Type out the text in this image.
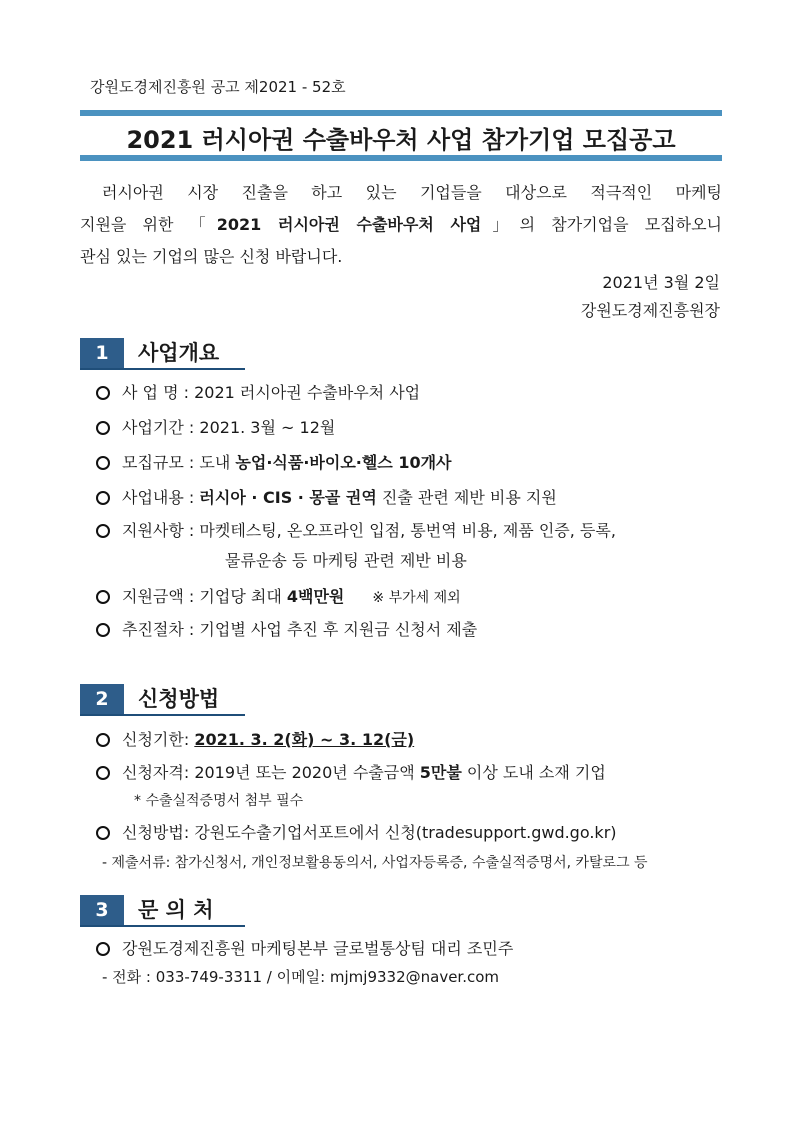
강원도경제진흥원 공고 제2021 - 52호
2021 러시아권 수출바우처 사업 참가기업 모집공고
러시아권 시장 진출을 하고 있는 기업들을 대상으로 적극적인 마케팅
지원을 위한 「2021 러시아권 수출바우처 사업」의 참가기업을 모집하오니
관심 있는 기업의 많은 신청 바랍니다.
2021년 3월 2일
강원도경제진흥원장
1	사업개요
사 업 명 : 2021 러시아권 수출바우처 사업
사업기간 : 2021. 3월 ~ 12월
모집규모 : 도내 농업·식품·바이오·헬스 10개사
사업내용 : 러시아 · CIS · 몽골 권역 진출 관련 제반 비용 지원
지원사항 : 마켓테스팅, 온오프라인 입점, 통번역 비용, 제품 인증, 등록,
물류운송 등 마케팅 관련 제반 비용
지원금액 : 기업당 최대 4백만원 ※ 부가세 제외
추진절차 : 기업별 사업 추진 후 지원금 신청서 제출
2	신청방법
신청기한: 2021. 3. 2(화) ~ 3. 12(금)
신청자격: 2019년 또는 2020년 수출금액 5만불 이상 도내 소재 기업
* 수출실적증명서 첨부 필수
신청방법: 강원도수출기업서포트에서 신청(tradesupport.gwd.go.kr)
- 제출서류: 참가신청서, 개인정보활용동의서, 사업자등록증, 수출실적증명서, 카탈로그 등
3	문 의 처
강원도경제진흥원 마케팅본부 글로벌통상팀 대리 조민주
- 전화 : 033-749-3311 / 이메일: mjmj9332@naver.com
